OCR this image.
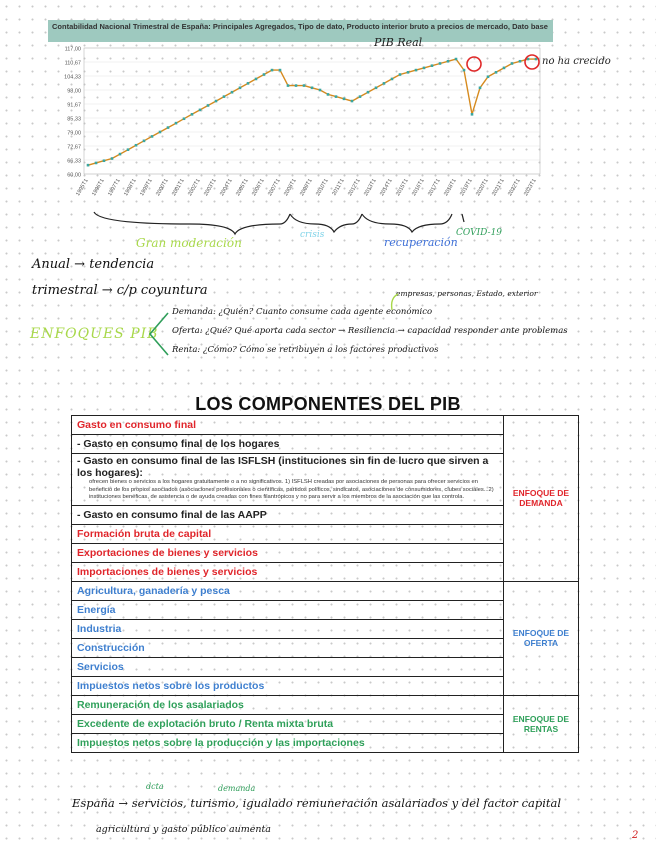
Contabilidad Nacional Trimestral de España: Principales Agregados, Tipo de dato, Producto interior bruto a precios de mercado, Dato base
117,00
110,67
104,33
98,00
91,67
85,33
79,00
72,67
66,33
60,00
1995T1 1996T1 1997T1 1998T1 1999T1 2000T1 2001T1 2002T1 2003T1 2004T1 2005T1 2006T1 2007T1 2008T1 2009T1 2010T1 2011T1 2012T1 2013T1 2014T1 2015T1 2016T1 2017T1 2018T1 2019T1 2020T1 2021T1 2022T1 2023T1
PIB Real
no ha crecido
Gran moderación
crisis
recuperación
COVID-19
Anual → tendencia
trimestral → c/p coyuntura	empresas, personas, Estado, exterior
ENFOQUES PIB
Demanda: ¿Quién? Cuanto consume cada agente económico
Oferta: ¿Qué? Qué aporta cada sector → Resiliencia → capacidad responder ante problemas
Renta: ¿Cómo? Cómo se retribuyen a los factores productivos
LOS COMPONENTES DEL PIB
Gasto en consumo final	ENFOQUE DE DEMANDA
- Gasto en consumo final de los hogares	
- Gasto en consumo final de las ISFLSH (instituciones sin fin de lucro que sirven a los hogares):
ofrecen bienes o servicios a los hogares gratuitamente o a no significativos. 1) ISFLSH creadas por asociaciones de personas para ofrecer servicios en beneficio de los propios asociados (asociaciones profesionales o científicas, partidos políticos, sindicatos, asociaciones de consumidores, clubes sociales...2) instituciones benéficas, de asistencia o de ayuda creadas con fines filantrópicos y no para servir a los miembros de la asociación que las controla.	

- Gasto en consumo final de las AAPP	
Formación bruta de capital	
Exportaciones de bienes y servicios	
Importaciones de bienes y servicios	
Agricultura, ganadería y pesca	ENFOQUE DE OFERTA
Energía	
Industria	
Construcción	
Servicios	
Impuestos netos sobre los productos	
Remuneración de los asalariados	ENFOQUE DE RENTAS
Excedente de explotación bruto / Renta mixta bruta	
Impuestos netos sobre la producción y las importaciones	
dcta	demanda
España → servicios, turismo, igualado remuneración asalariados y del factor capital
agricultura y gasto público aumenta
2
